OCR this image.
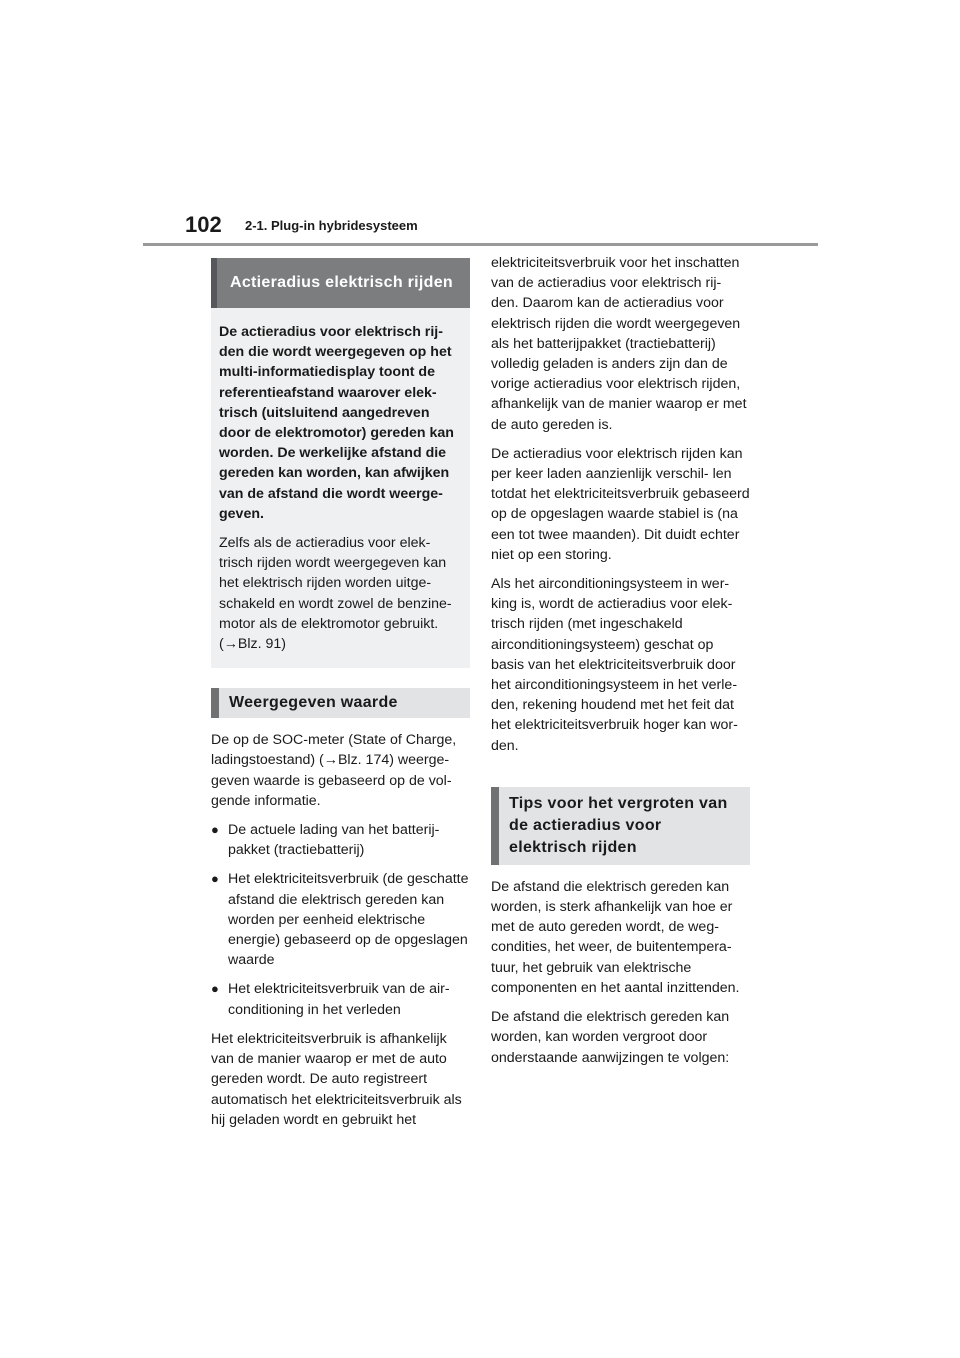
102 2-1. Plug-in hybridesysteem
Actieradius elektrisch rijden

De actieradius voor elektrisch rij- den die wordt weergegeven op het multi-informatiedisplay toont de referentieafstand waarover elek- trisch (uitsluitend aangedreven door de elektromotor) gereden kan worden. De werkelijke afstand die gereden kan worden, kan afwijken van de afstand die wordt weerge- geven.

Zelfs als de actieradius voor elek- trisch rijden wordt weergegeven kan het elektrisch rijden worden uitge- schakeld en wordt zowel de benzine- motor als de elektromotor gebruikt. (→Blz. 91)

Weergegeven waarde

De op de SOC-meter (State of Charge, ladingstoestand) (→Blz. 174) weerge- geven waarde is gebaseerd op de vol- gende informatie.

● De actuele lading van het batterij- pakket (tractiebatterij)
● Het elektriciteitsverbruik (de geschatte afstand die elektrisch gereden kan worden per eenheid elektrische energie) gebaseerd op de opgeslagen waarde
● Het elektriciteitsverbruik van de air- conditioning in het verleden

Het elektriciteitsverbruik is afhankelijk van de manier waarop er met de auto gereden wordt. De auto registreert automatisch het elektriciteitsverbruik als hij geladen wordt en gebruikt het

elektriciteitsverbruik voor het inschatten van de actieradius voor elektrisch rij- den. Daarom kan de actieradius voor elektrisch rijden die wordt weergegeven als het batterijpakket (tractiebatterij) volledig geladen is anders zijn dan de vorige actieradius voor elektrisch rijden, afhankelijk van de manier waarop er met de auto gereden is.

De actieradius voor elektrisch rijden kan per keer laden aanzienlijk verschil- len totdat het elektriciteitsverbruik gebaseerd op de opgeslagen waarde stabiel is (na een tot twee maanden). Dit duidt echter niet op een storing.

Als het airconditioningsysteem in wer- king is, wordt de actieradius voor elek- trisch rijden (met ingeschakeld airconditioningsysteem) geschat op basis van het elektriciteitsverbruik door het airconditioningsysteem in het verle- den, rekening houdend met het feit dat het elektriciteitsverbruik hoger kan wor- den.

Tips voor het vergroten van de actieradius voor elektrisch rijden

De afstand die elektrisch gereden kan worden, is sterk afhankelijk van hoe er met de auto gereden wordt, de weg- condities, het weer, de buitentempera- tuur, het gebruik van elektrische componenten en het aantal inzittenden.

De afstand die elektrisch gereden kan worden, kan worden vergroot door onderstaande aanwijzingen te volgen:
